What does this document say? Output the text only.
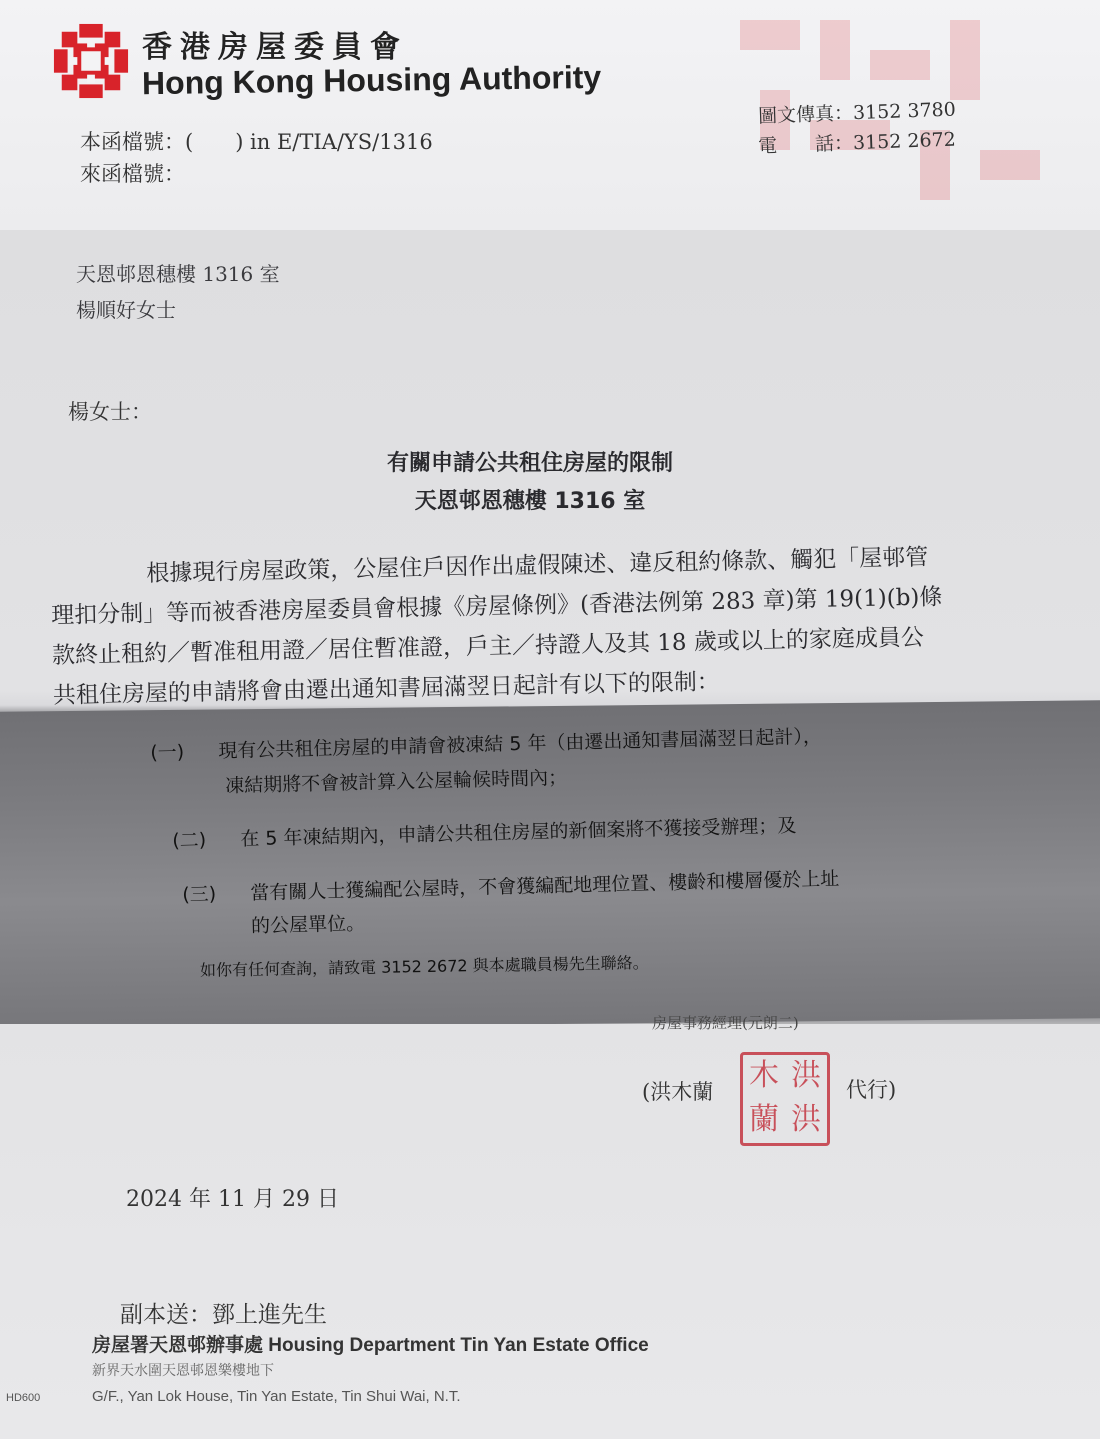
香港房屋委員會
Hong Kong Housing Authority
本函檔號：(　　) in E/TIA/YS/1316
來函檔號：
圖文傳真：3152 3780
電　　話：3152 2672
天恩邨恩穗樓 1316 室
楊順好女士
楊女士：
有關申請公共租住房屋的限制
天恩邨恩穗樓 1316 室
根據現行房屋政策，公屋住戶因作出虛假陳述、違反租約條款、觸犯「屋邨管
理扣分制」等而被香港房屋委員會根據《房屋條例》(香港法例第 283 章)第 19(1)(b)條
款終止租約／暫准租用證／居住暫准證，戶主／持證人及其 18 歲或以上的家庭成員公
共租住房屋的申請將會由遷出通知書屆滿翌日起計有以下的限制：
(一) 現有公共租住房屋的申請會被凍結 5 年（由遷出通知書屆滿翌日起計），
凍結期將不會被計算入公屋輪候時間內；
(二) 在 5 年凍結期內，申請公共租住房屋的新個案將不獲接受辦理；及
(三) 當有關人士獲編配公屋時，不會獲編配地理位置、樓齡和樓層優於上址
的公屋單位。
如你有任何查詢，請致電 3152 2672 與本處職員楊先生聯絡。
房屋事務經理(元朗二)
(洪木蘭 木 洪
蘭 洪
代行)
2024 年 11 月 29 日
副本送：鄧上進先生
房屋署天恩邨辦事處 Housing Department Tin Yan Estate Office
新界天水圍天恩邨恩樂樓地下
G/F., Yan Lok House, Tin Yan Estate, Tin Shui Wai, N.T.
HD600
